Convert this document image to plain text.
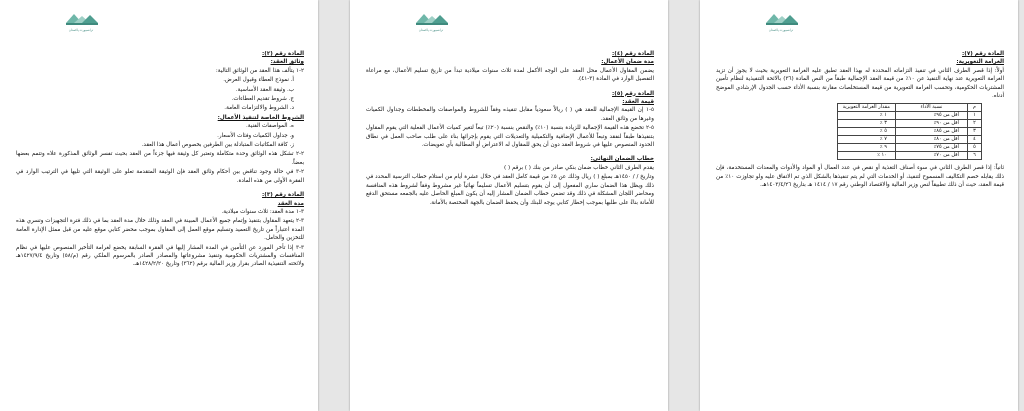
ترانسپورت پاکستان
المادة رقم (٧):
الغرامة التعويرية:

أولاً: إذا قصر الطرف الثاني في تنفيذ التزاماته المحددة له بهذا العقد تطبق عليه الغرامة التعويرية بحيث لا يجوز أن تزيد الغرامة التعويرية عند نهاية التنفيذ عن ١٠٪ من قيمة العقد الإجمالية طبقاً من النص المادة (٣٦) بالائحة التنفيذية لنظام تأمين المشتريات الحكومية، وتحسب الغرامة التعويرية من قيمة المستخلصات مقارنة بنسبة الأداء حسب الجدول الإرشادي الموضح أدناه.

م	نسبة الأداء	مقدار الغرامة التعويرية
١	أقل من ٩٥٪	١ ٪
٢	أقل من ٩٠٪	٣ ٪
٣	أقل من ٨٥٪	٥ ٪
٤	أقل من ٨٠٪	٧ ٪
٥	أقل من ٧٥٪	٩ ٪
٦	أقل من ٧٠٪	١٠ ٪

ثانياً: إذا قصر الطرف الثاني في سوء أصناف التغذية أو نقص في عدد العمال أو المواد والأدوات والمعدات المستخدمة، فإن ذلك يقابله خصم التكاليف المسموح لتنفيذ، أو الخدمات التي لم يتم تنفيذها بالشكل الذي تم الاتفاق عليه ولو تجاوزت ١٠٪ من قيمة العقد، حيث أن ذلك تطبيقاً لنص وزير المالية والاقتصاد الوطني رقم ١٧ / ١٤١٤ هـ بتاريخ ١٤٠٣/٤/٢٦هـ.

ترانسپورت پاکستان
المادة رقم (٤):
مدة ضمان الأعمال:

يضمن المقاول الأعمال محل العقد على الوجه الأكمل لمدة ثلاث سنوات ميلادية تبدأ من تاريخ تسليم الأعمال، مع مراعاة التفصيل الوارد في المادة (٣-٤١).

المادة رقم (٥):
قيمة العقد:

٥-١ إن القيمة الإجمالية للعقد هي ( ) ريالاً سعودياً مقابل تنفيذه وفقاً للشروط والمواصفات والمخططات وجداول الكميات وغيرها من وثائق العقد.

٥-٢ تخضع هذه القيمة الإجمالية للزيادة بنسبة (١٠٪) والنقص بنسبة (٢٠٪) تبعاً لتغير كميات الأعمال الفعلية التي يقوم المقاول بتنفيذها طبقاً لنفقد وتبعاً للأعمال الإضافية والتكميلية والتعديلات التي يقوم بإجرائها بناء على طلب صاحب العمل في نطاق الحدود المنصوص عليها في شروط العقد دون أن يحق للمقاول له الاعتراض أو المطالبة بأي تعويضات.

خطاب الضمان النهائي:

يقدم الطرف الثاني خطاب ضمان بنكي صادر من بنك ( ) برقم ( )

وتاريخ / / ١٤٥٠هـ بمبلغ ( ) ريال وذلك عن ٥٪ من قيمة كامل العقد في خلال عشرة أيام من استلام خطاب الترسية المحدد في ذلك ويظل هذا الضمان ساري المفعول إلى أن يقوم بتسليم الأعمال تسليماً نهائياً غير مشروط وفقاً لشروط هذه المنافسة ومحاضر اللجان المشكلة في ذلك وقد تضمن خطاب الضمان المشار إليه أن يكون المبلغ الحاصل عليه بالجمعه مستحق الدفع للأمانة بناءً على طلبها بموجب إخطار كتابي يوجه للبنك وأن يحفظ الضمان بالجهة المختصة بالأمانة.

ترانسپورت پاکستان
المادة رقم (٢):
وثائق العقد:

٢-١ يتألف هذا العقد من الوثائق التالية:

أ. نموذج العطاء وقبول العرض.

ب. وثيقة العقد الأساسية.

ج. شروط تقديم العطاءات.

د. الشروط والالتزامات العامة.

الشروط الخاصة لتنفيذ الأعمال:

ه. المواصفات الفنية.

و. جداول الكميات وفئات الأسعار.

ز. كافة المكاتبات المتبادلة بين الطرفين بخصوص أعمال هذا العقد.

٢-٢ تشكل هذه الوثائق وحدة متكاملة وتعتبر كل وثيقة فيها جزءاً من العقد بحيث تفسر الوثائق المذكورة علاه وتتمم بعضها بعضاً.

٢-٣ في حالة وجود تناقض بين أحكام وثائق العقد فإن الوثيقة المتقدمة تعلو على الوثيقة التي تليها في الترتيب الوارد في الفقرة الأولى من هذه المادة.

المادة رقم (٣):
مدة العقد

٣-١ مدة العقد: ثلاث سنوات ميلادية.

٣-٢ يتعهد المقاول بتنفيذ وإتمام جميع الأعمال المبينة في العقد وذلك خلال مدة العقد بما في ذلك فترة التجهيزات وتسري هذه المدة اعتباراً من تاريخ التعميد وتسليم موقع العمل إلى المقاول بموجب محضر كتابي موقع عليه من قبل ممثل الإدارة العامة للتخزين والحامل.

٣-٣ إذا تأخر المورد عن التأمين في المدة المشار إليها في الفقرة السابقة يخضع لغرامة التأخير المنصوص عليها في نظام المنافسات والمشتريات الحكومية وتنفيذ مشروعاتها والمصادر الصادر بالمرسوم الملكي رقم (م/٥٨) وتاريخ ١٤٢٧/٩/٤هـ ولائحته التنفيذية الصادر بقرار وزير المالية برقم (٣٦٢) وتاريخ ١٤٢٨/٢/٢٠هـ.
